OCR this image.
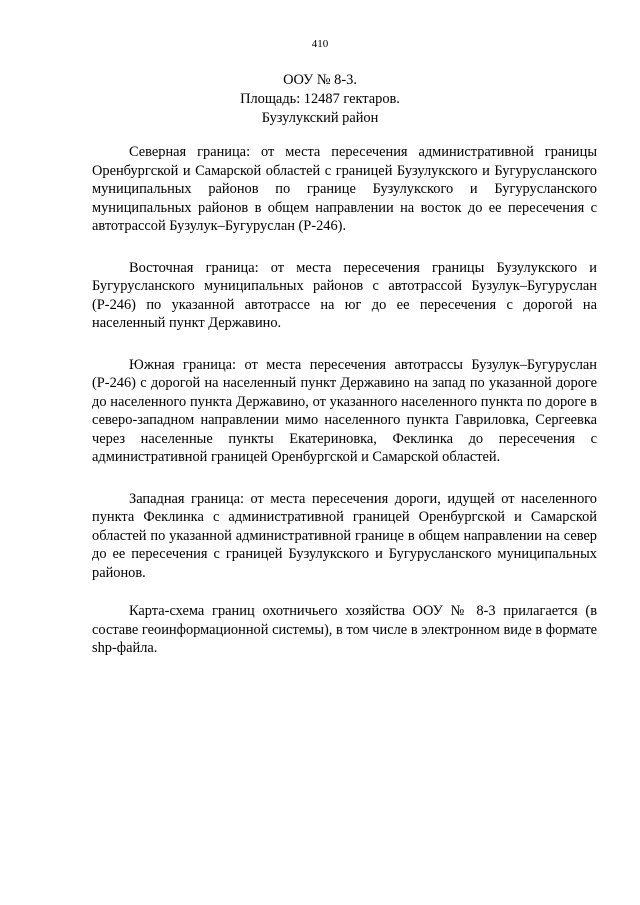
410
ООУ № 8-3.
Площадь: 12487 гектаров.
Бузулукский район

Северная граница: от места пересечения административной границы Оренбургской и Самарской областей с границей Бузулукского и Бугурусланского муниципальных районов по границе Бузулукского и Бугурусланского муниципальных районов в общем направлении на восток до ее пересечения с автотрассой Бузулук–Бугуруслан (Р-246).

Восточная граница: от места пересечения границы Бузулукского и Бугурусланского муниципальных районов с автотрассой Бузулук–Бугуруслан (Р-246) по указанной автотрассе на юг до ее пересечения с дорогой на населенный пункт Державино.

Южная граница: от места пересечения автотрассы Бузулук–Бугуруслан (Р-246) с дорогой на населенный пункт Державино на запад по указанной дороге до населенного пункта Державино, от указанного населенного пункта по дороге в северо-западном направлении мимо населенного пункта Гавриловка, Сергеевка через населенные пункты Екатериновка, Феклинка до пересечения с административной границей Оренбургской и Самарской областей.

Западная граница: от места пересечения дороги, идущей от населенного пункта Феклинка с административной границей Оренбургской и Самарской областей по указанной административной границе в общем направлении на север до ее пересечения с границей Бузулукского и Бугурусланского муниципальных районов.

Карта-схема границ охотничьего хозяйства ООУ № 8-3 прилагается (в составе геоинформационной системы), в том числе в электронном виде в формате shp-файла.
